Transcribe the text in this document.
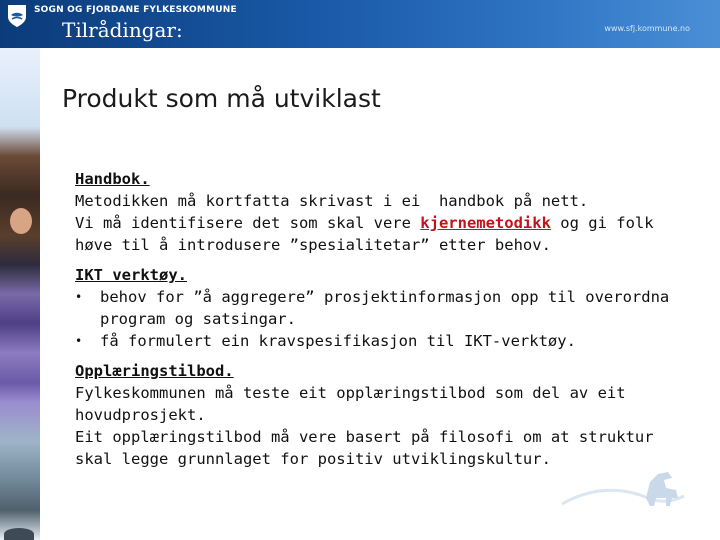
SOGN OG FJORDANE FYLKESKOMMUNE
www.sfj.kommune.no
Tilrådingar:
Produkt som må utviklast
Handbok.
Metodikken må kortfatta skrivast i ei  handbok på nett.
Vi må identifisere det som skal vere kjernemetodikk og gi folk
høve til å introdusere ”spesialitetar” etter behov.
IKT verktøy.
• behov for ”å aggregere” prosjektinformasjon opp til overordna program og satsingar.
• få formulert ein kravspesifikasjon til IKT-verktøy.
Opplæringstilbod.
Fylkeskommunen må teste eit opplæringstilbod som del av eit hovudprosjekt.
Eit opplæringstilbod må vere basert på filosofi om at struktur skal legge grunnlaget for positiv utviklingskultur.
